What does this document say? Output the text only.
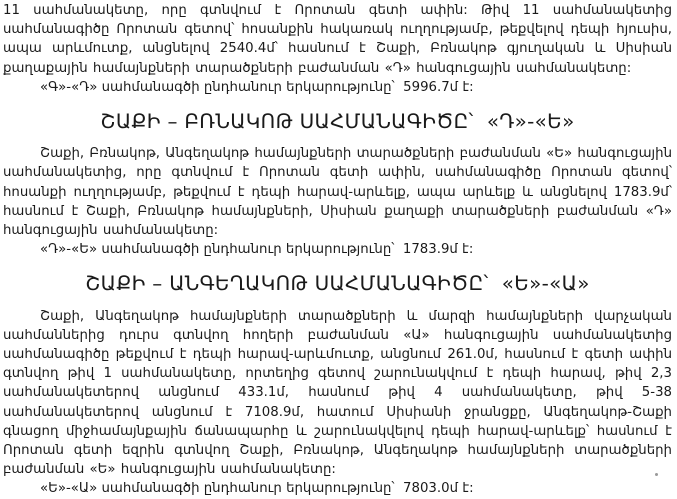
11 սահմանակետը, որը գտնվում է Որոտան գետի ափին: Թիվ 11 սահմանակետից սահմանագիծը Որոտան գետով՝ հոսանքին հակառակ ուղղությամբ, թեքվելով դեպի հյուսիս, ապա արևմուտք, անցնելով 2540.4մ՝ հասնում է Շաքի, Բռնակոթ գյուղական և Սիսիան քաղաքային համայնքների տարածքների բաժանման «Դ» հանգուցային սահմանակետը:

«Գ»-«Դ» սահմանագծի ընդհանուր երկարությունը՝  5996.7մ է:

ՇԱՔԻ – ԲՌՆԱԿՈԹ ՍԱՀՄԱՆԱԳԻԾԸ՝  «Դ»-«Ե»

Շաքի, Բռնակոթ, Անգեղակոթ համայնքների տարածքների բաժանման «Ե» հանգուցային սահմանակետից, որը գտնվում է Որոտան գետի ափին, սահմանագիծը Որոտան գետով՝ հոսանքի ուղղությամբ, թեքվում է դեպի հարավ-արևելք, ապա արևելք և անցնելով 1783.9մ՝ հասնում է Շաքի, Բռնակոթ համայնքների, Սիսիան քաղաքի տարածքների բաժանման «Դ» հանգուցային սահմանակետը:

«Դ»-«Ե» սահմանագծի ընդհանուր երկարությունը՝  1783.9մ է:

ՇԱՔԻ – ԱՆԳԵՂԱԿՈԹ ՍԱՀՄԱՆԱԳԻԾԸ՝  «Ե»-«Ա»

Շաքի, Անգեղակոթ համայնքների տարածքների և մարզի համայնքների վարչական սահմաններից դուրս գտնվող հողերի բաժանման «Ա» հանգուցային սահմանակետից սահմանագիծը թեքվում է դեպի հարավ-արևմուտք, անցնում 261.0մ, հասնում է գետի ափին գտնվող թիվ 1 սահմանակետը, որտեղից գետով շարունակվում է դեպի հարավ, թիվ 2,3 սահմանակետերով անցնում 433.1մ, հասնում թիվ 4 սահմանակետը, թիվ 5-38 սահմանակետերով անցնում է 7108.9մ, հատում Սիսիանի ջրանցքը, Անգեղակոթ-Շաքի գնացող միջհամայնքային ճանապարհը և շարունակվելով դեպի հարավ-արևելք՝ հասնում է Որոտան գետի եզրին գտնվող Շաքի, Բռնակոթ, Անգեղակոթ համայնքների տարածքների բաժանման «Ե» հանգուցային սահմանակետը:

«Ե»-«Ա» սահմանագծի ընդհանուր երկարությունը՝  7803.0մ է:
